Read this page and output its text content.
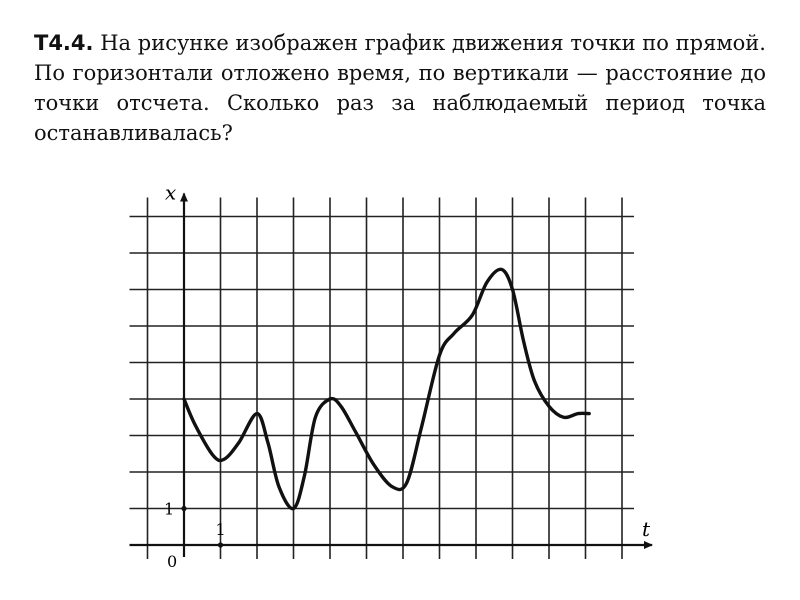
Т4.4. На рисунке изображен график движения точки по прямой. По горизонтали отложено время, по вертикали — расстояние до точки отсчета. Сколько раз за наблюдаемый период точка останавливалась?

x
t
0
1
1
